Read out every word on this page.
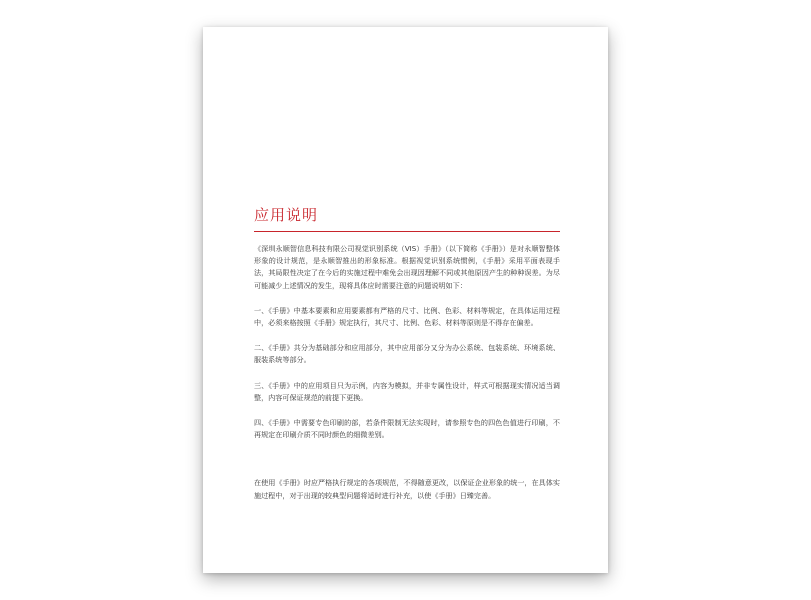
应用说明

《深圳永顺智信息科技有限公司视觉识别系统（VIS）手册》（以下简称《手册》）是对永顺智整体形象的设计规范，是永顺智推出的形象标准。根据视觉识别系统惯例，《手册》采用平面表现手法，其局限性决定了在今后的实施过程中难免会出现因理解不同或其他原因产生的种种误差。为尽可能减少上述情况的发生，现将具体应时需要注意的问题说明如下：

一、《手册》中基本要素和应用要素都有严格的尺寸、比例、色彩、材料等规定，在具体运用过程中，必须来格按照《手册》规定执行，其尺寸、比例、色彩、材料等原则是不得存在偏差。

二、《手册》共分为基础部分和应用部分，其中应用部分又分为办公系统、包装系统、环境系统、服装系统等部分。

三、《手册》中的应用项目只为示例，内容为模拟，并非专属性设计，样式可根据现实情况适当调整，内容可保证规范的前提下更换。

四、《手册》中需要专色印刷的部，若条件限制无法实现时，请参照专色的四色色值进行印刷，不再规定在印刷介质不同时颜色的细微差别。

在使用《手册》时应严格执行规定的各项规范，不得随意更改，以保证企业形象的统一，在具体实施过程中，对于出现的较典型问题将适时进行补充，以使《手册》日臻完善。
